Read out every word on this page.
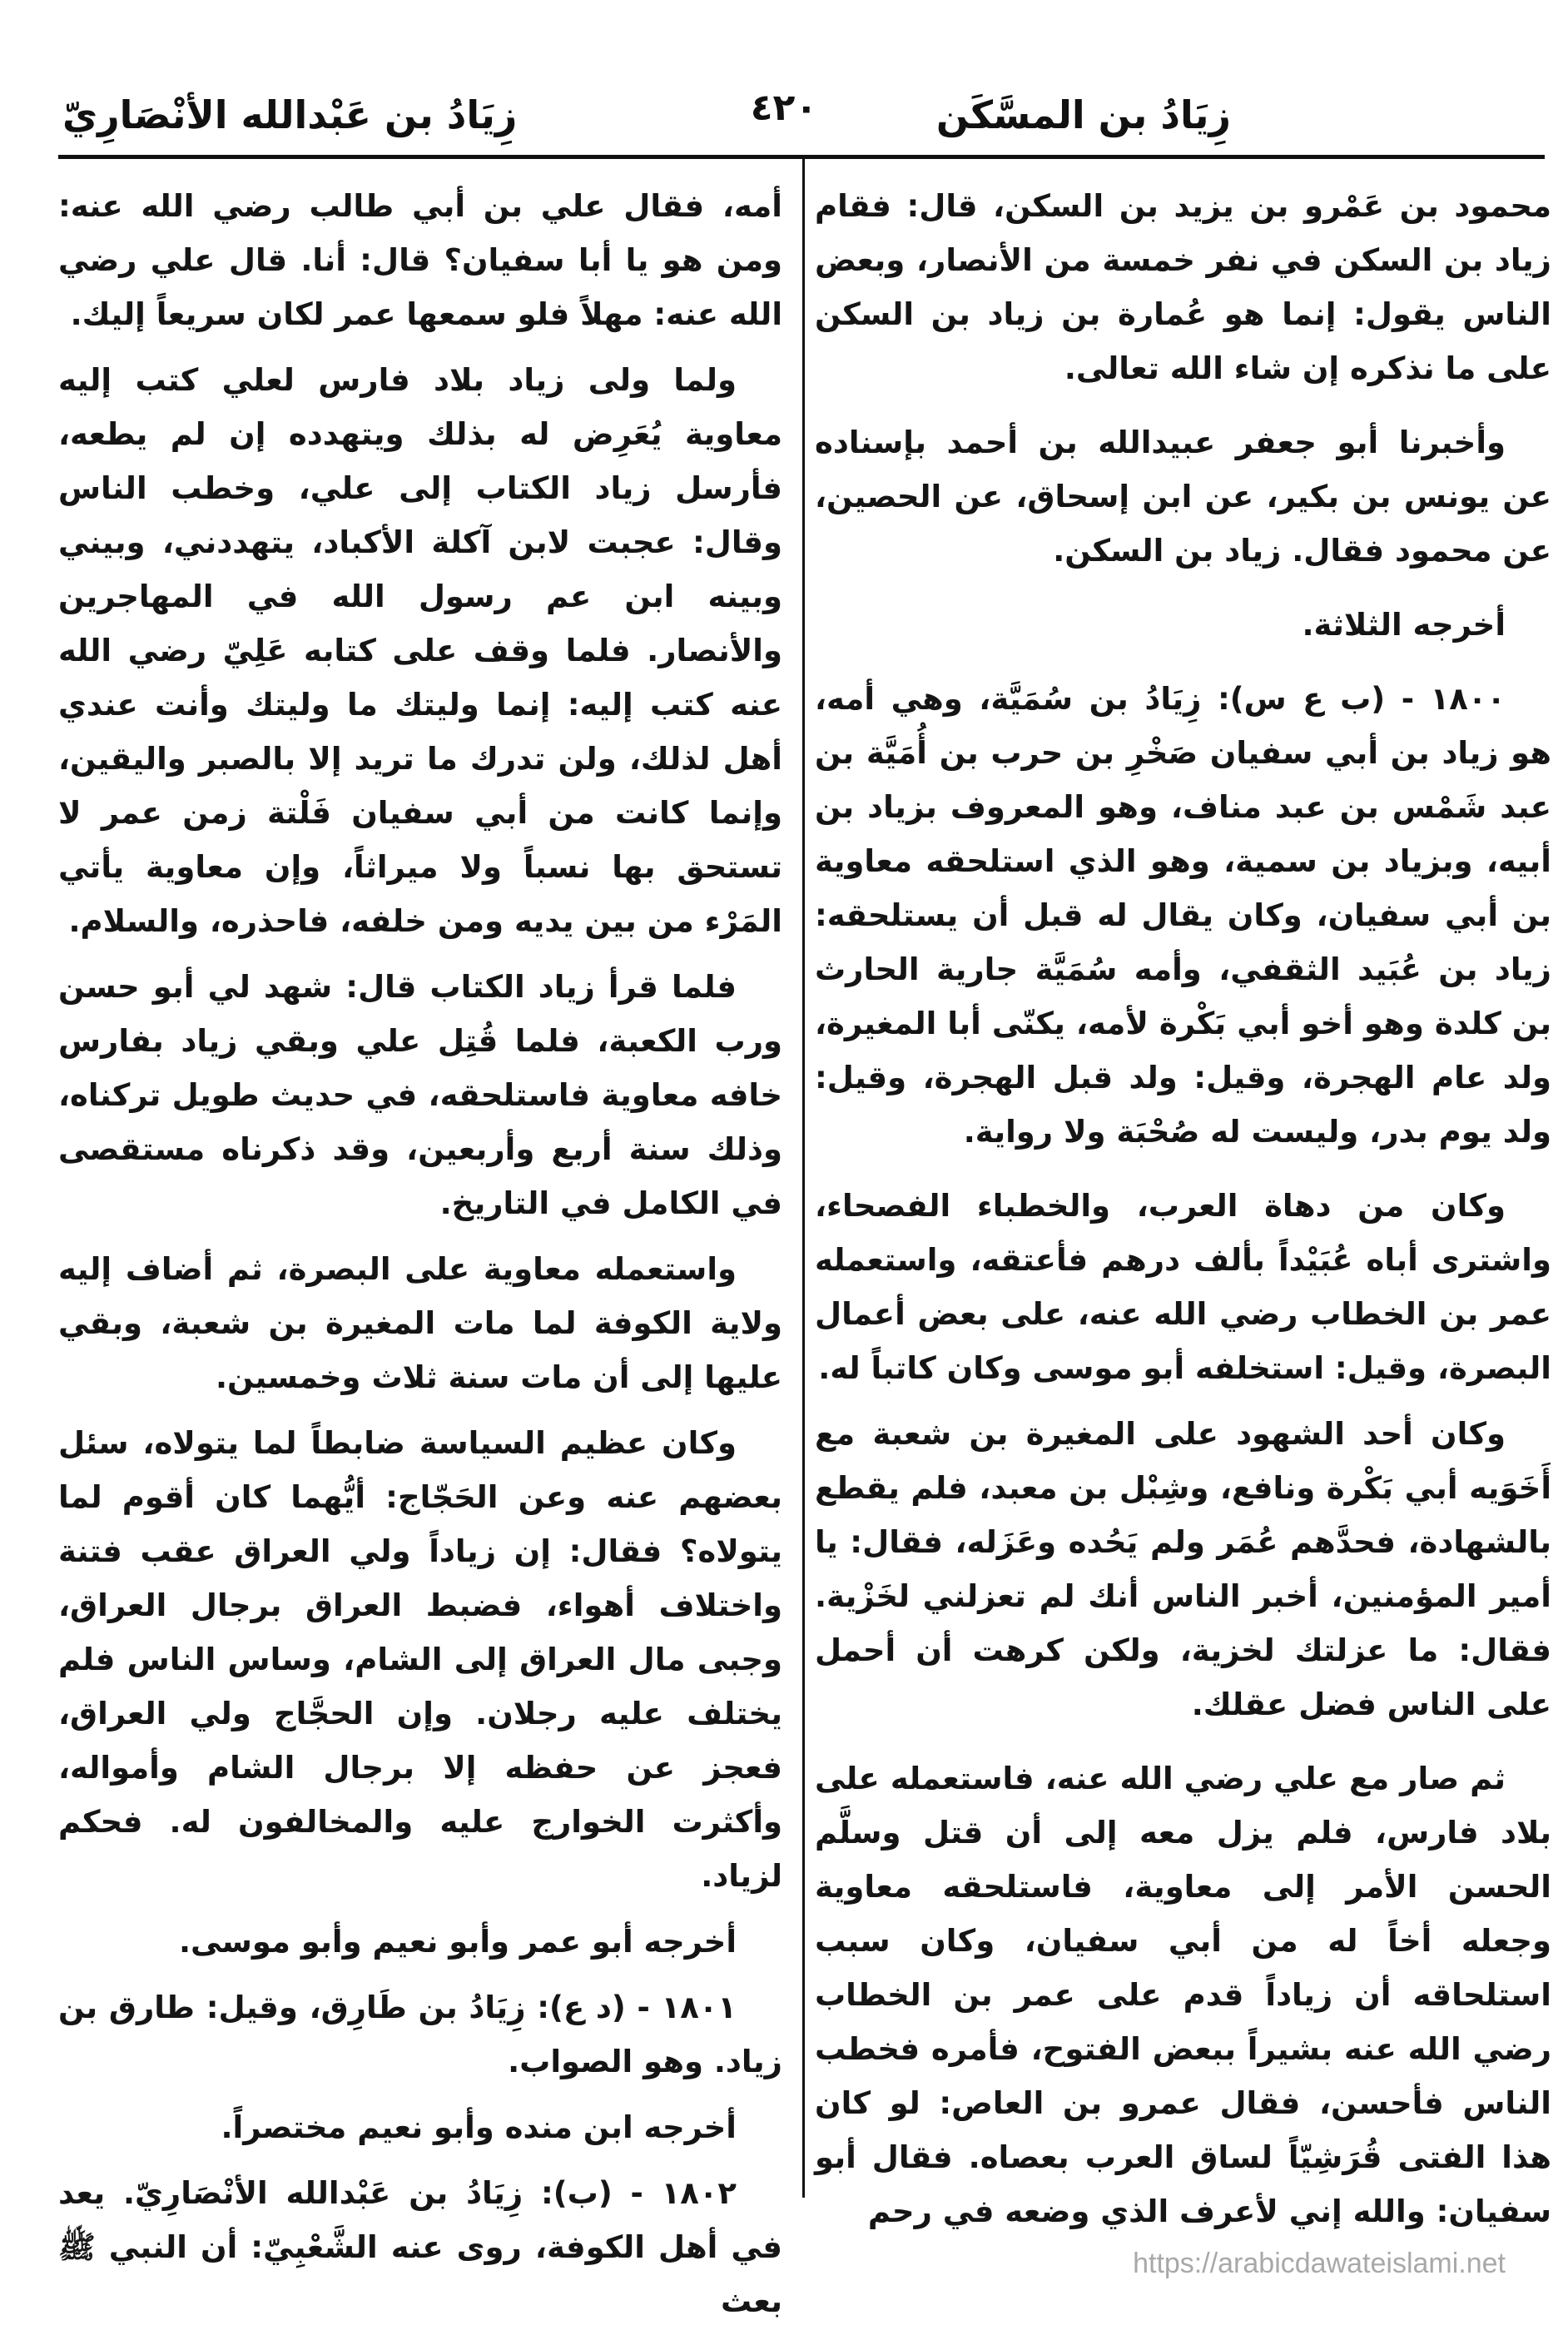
زِيَادُ بن المسَّكَن
٤٢٠
زِيَادُ بن عَبْدالله الأنْصَارِيّ

محمود بن عَمْرو بن يزيد بن السكن، قال: فقام زياد بن السكن في نفر خمسة من الأنصار، وبعض الناس يقول: إنما هو عُمارة بن زياد بن السكن على ما نذكره إن شاء الله تعالى.

وأخبرنا أبو جعفر عبيدالله بن أحمد بإسناده عن يونس بن بكير، عن ابن إسحاق، عن الحصين، عن محمود فقال. زياد بن السكن.

أخرجه الثلاثة.

١٨٠٠ - (ب ع س): زِيَادُ بن سُمَيَّة، وهي أمه، هو زياد بن أبي سفيان صَخْرِ بن حرب بن أُمَيَّة بن عبد شَمْس بن عبد مناف، وهو المعروف بزياد بن أبيه، وبزياد بن سمية، وهو الذي استلحقه معاوية بن أبي سفيان، وكان يقال له قبل أن يستلحقه: زياد بن عُبَيد الثقفي، وأمه سُمَيَّة جارية الحارث بن كلدة وهو أخو أبي بَكْرة لأمه، يكنّى أبا المغيرة، ولد عام الهجرة، وقيل: ولد قبل الهجرة، وقيل: ولد يوم بدر، وليست له صُحْبَة ولا رواية.

وكان من دهاة العرب، والخطباء الفصحاء، واشترى أباه عُبَيْداً بألف درهم فأعتقه، واستعمله عمر بن الخطاب رضي الله عنه، على بعض أعمال البصرة، وقيل: استخلفه أبو موسى وكان كاتباً له.

وكان أحد الشهود على المغيرة بن شعبة مع أَخَوَيه أبي بَكْرة ونافع، وشِبْل بن معبد، فلم يقطع بالشهادة، فحدَّهم عُمَر ولم يَحُده وعَزَله، فقال: يا أمير المؤمنين، أخبر الناس أنك لم تعزلني لخَزْية. فقال: ما عزلتك لخزية، ولكن كرهت أن أحمل على الناس فضل عقلك.

ثم صار مع علي رضي الله عنه، فاستعمله على بلاد فارس، فلم يزل معه إلى أن قتل وسلَّم الحسن الأمر إلى معاوية، فاستلحقه معاوية وجعله أخاً له من أبي سفيان، وكان سبب استلحاقه أن زياداً قدم على عمر بن الخطاب رضي الله عنه بشيراً ببعض الفتوح، فأمره فخطب الناس فأحسن، فقال عمرو بن العاص: لو كان هذا الفتى قُرَشِيّاً لساق العرب بعصاه. فقال أبو سفيان: والله إني لأعرف الذي وضعه في رحم

أمه، فقال علي بن أبي طالب رضي الله عنه: ومن هو يا أبا سفيان؟ قال: أنا. قال علي رضي الله عنه: مهلاً فلو سمعها عمر لكان سريعاً إليك.

ولما ولى زياد بلاد فارس لعلي كتب إليه معاوية يُعَرِض له بذلك ويتهدده إن لم يطعه، فأرسل زياد الكتاب إلى علي، وخطب الناس وقال: عجبت لابن آكلة الأكباد، يتهددني، وبيني وبينه ابن عم رسول الله في المهاجرين والأنصار. فلما وقف على كتابه عَلِيّ رضي الله عنه كتب إليه: إنما وليتك ما وليتك وأنت عندي أهل لذلك، ولن تدرك ما تريد إلا بالصبر واليقين، وإنما كانت من أبي سفيان فَلْتة زمن عمر لا تستحق بها نسباً ولا ميراثاً، وإن معاوية يأتي المَرْء من بين يديه ومن خلفه، فاحذره، والسلام.

فلما قرأ زياد الكتاب قال: شهد لي أبو حسن ورب الكعبة، فلما قُتِل علي وبقي زياد بفارس خافه معاوية فاستلحقه، في حديث طويل تركناه، وذلك سنة أربع وأربعين، وقد ذكرناه مستقصى في الكامل في التاريخ.

واستعمله معاوية على البصرة، ثم أضاف إليه ولاية الكوفة لما مات المغيرة بن شعبة، وبقي عليها إلى أن مات سنة ثلاث وخمسين.

وكان عظيم السياسة ضابطاً لما يتولاه، سئل بعضهم عنه وعن الحَجّاج: أيُّهما كان أقوم لما يتولاه؟ فقال: إن زياداً ولي العراق عقب فتنة واختلاف أهواء، فضبط العراق برجال العراق، وجبى مال العراق إلى الشام، وساس الناس فلم يختلف عليه رجلان. وإن الحجَّاج ولي العراق، فعجز عن حفظه إلا برجال الشام وأمواله، وأكثرت الخوارج عليه والمخالفون له. فحكم لزياد.

أخرجه أبو عمر وأبو نعيم وأبو موسى.

١٨٠١ - (د ع): زِيَادُ بن طَارِق، وقيل: طارق بن زياد. وهو الصواب.

أخرجه ابن منده وأبو نعيم مختصراً.

١٨٠٢ - (ب): زِيَادُ بن عَبْدالله الأنْصَارِيّ. يعد في أهل الكوفة، روى عنه الشَّعْبِيّ: أن النبي ﷺ بعث

https://arabicdawateislami.net
